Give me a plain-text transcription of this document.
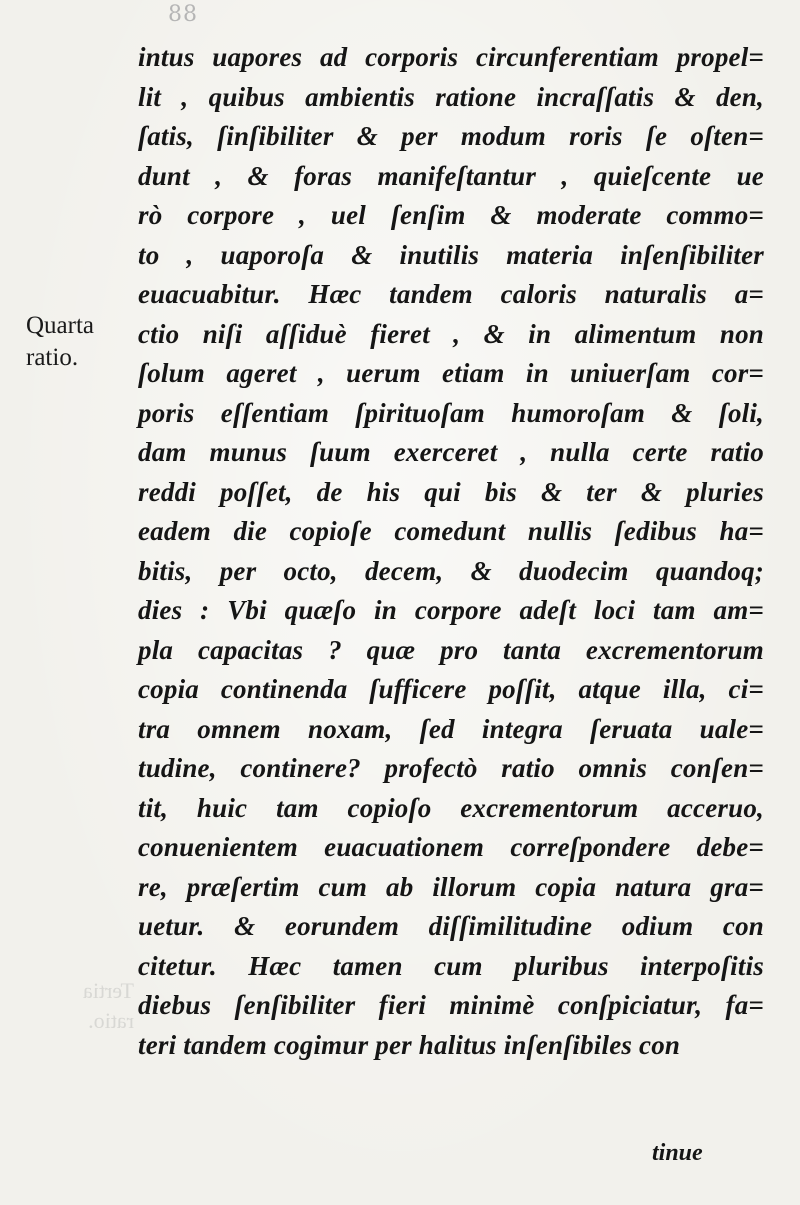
88
Tertia
ratio.
Quarta
ratio.
intus uapores ad corporis circunferentiam propel=
lit , quibus ambientis ratione incraſſatis & den,
ſatis, ſinſibiliter & per modum roris ſe oſten=
dunt , & foras manifeſtantur , quieſcente ue
rò corpore , uel ſenſim & moderate commo=
to , uaporoſa & inutilis materia inſenſibiliter
euacuabitur. Hæc tandem caloris naturalis a=
ctio niſi aſſiduè fieret , & in alimentum non
ſolum ageret , uerum etiam in uniuerſam cor=
poris eſſentiam ſpirituoſam humoroſam & ſoli,
dam munus ſuum exerceret , nulla certe ratio
reddi poſſet, de his qui bis & ter & pluries
eadem die copioſe comedunt nullis ſedibus ha=
bitis, per octo, decem, & duodecim quandoq;
dies : Vbi quæſo in corpore adeſt loci tam am=
pla capacitas ? quæ pro tanta excrementorum
copia continenda ſufficere poſſit, atque illa, ci=
tra omnem noxam, ſed integra ſeruata uale=
tudine, continere? profectò ratio omnis conſen=
tit, huic tam copioſo excrementorum acceruo,
conuenientem euacuationem correſpondere debe=
re, præſertim cum ab illorum copia natura gra=
uetur. & eorundem diſſimilitudine odium con
citetur. Hæc tamen cum pluribus interpoſitis
diebus ſenſibiliter fieri minimè conſpiciatur, fa=
teri tandem cogimur per halitus inſenſibiles con
tinue
